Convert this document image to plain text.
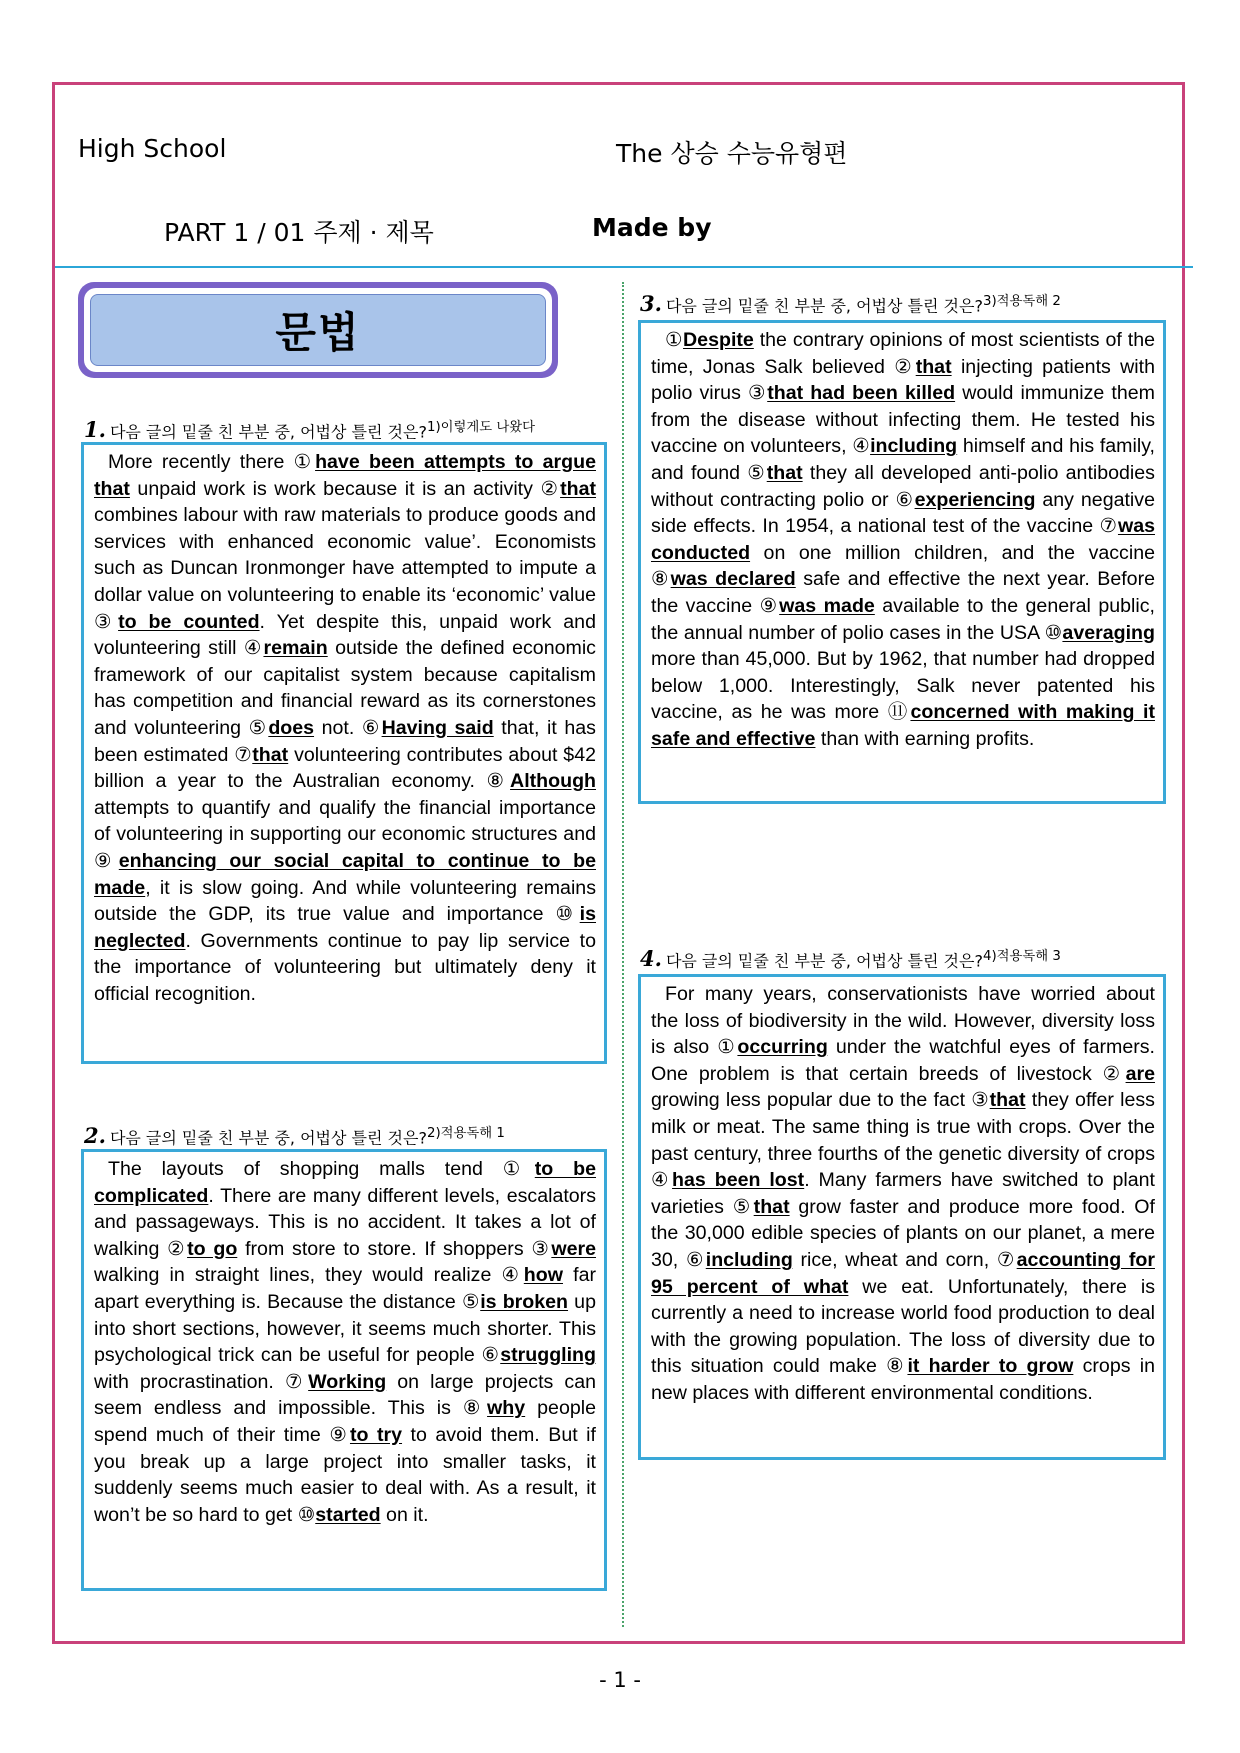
High School	The 상승 수능유형편
PART 1 / 01 주제 · 제목	Made by
문법
1. 다음 글의 밑줄 친 부분 중, 어법상 틀린 것은?$^{1)이렇게도 나왔다}$

More recently there ①have been attempts to argue that unpaid work is work because it is an activity ②that combines labour with raw materials to produce goods and services with enhanced economic value’. Economists such as Duncan Ironmonger have attempted to impute a dollar value on volunteering to enable its ‘economic’ value ③to be counted. Yet despite this, unpaid work and volunteering still ④remain outside the defined economic framework of our capitalist system because capitalism has competition and financial reward as its cornerstones and volunteering ⑤does not. ⑥Having said that, it has been estimated ⑦that volunteering contributes about $42 billion a year to the Australian economy. ⑧Although attempts to quantify and qualify the financial importance of volunteering in supporting our economic structures and ⑨enhancing our social capital to continue to be made, it is slow going. And while volunteering remains outside the GDP, its true value and importance ⑩is neglected. Governments continue to pay lip service to the importance of volunteering but ultimately deny it official recognition.

2. 다음 글의 밑줄 친 부분 중, 어법상 틀린 것은?$^{2)적용독해 1}$

The layouts of shopping malls tend ①to be complicated. There are many different levels, escalators and passageways. This is no accident. It takes a lot of walking ②to go from store to store. If shoppers ③were walking in straight lines, they would realize ④how far apart everything is. Because the distance ⑤is broken up into short sections, however, it seems much shorter. This psychological trick can be useful for people ⑥struggling with procrastination. ⑦Working on large projects can seem endless and impossible. This is ⑧why people spend much of their time ⑨to try to avoid them. But if you break up a large project into smaller tasks, it suddenly seems much easier to deal with. As a result, it won’t be so hard to get ⑩started on it.

3. 다음 글의 밑줄 친 부분 중, 어법상 틀린 것은?$^{3)적용독해 2}$

①Despite the contrary opinions of most scientists of the time, Jonas Salk believed ②that injecting patients with polio virus ③that had been killed would immunize them from the disease without infecting them. He tested his vaccine on volunteers, ④including himself and his family, and found ⑤that they all developed anti-polio antibodies without contracting polio or ⑥experiencing any negative side effects. In 1954, a national test of the vaccine ⑦was conducted on one million children, and the vaccine ⑧was declared safe and effective the next year. Before the vaccine ⑨was made available to the general public, the annual number of polio cases in the USA ⑩averaging more than 45,000. But by 1962, that number had dropped below 1,000. Interestingly, Salk never patented his vaccine, as he was more ⑪concerned with making it safe and effective than with earning profits.

4. 다음 글의 밑줄 친 부분 중, 어법상 틀린 것은?$^{4)적용독해 3}$

For many years, conservationists have worried about the loss of biodiversity in the wild. However, diversity loss is also ①occurring under the watchful eyes of farmers. One problem is that certain breeds of livestock ②are growing less popular due to the fact ③that they offer less milk or meat. The same thing is true with crops. Over the past century, three fourths of the genetic diversity of crops ④has been lost. Many farmers have switched to plant varieties ⑤that grow faster and produce more food. Of the 30,000 edible species of plants on our planet, a mere 30, ⑥including rice, wheat and corn, ⑦accounting for 95 percent of what we eat. Unfortunately, there is currently a need to increase world food production to deal with the growing population. The loss of diversity due to this situation could make ⑧it harder to grow crops in new places with different environmental conditions.

- 1 -
